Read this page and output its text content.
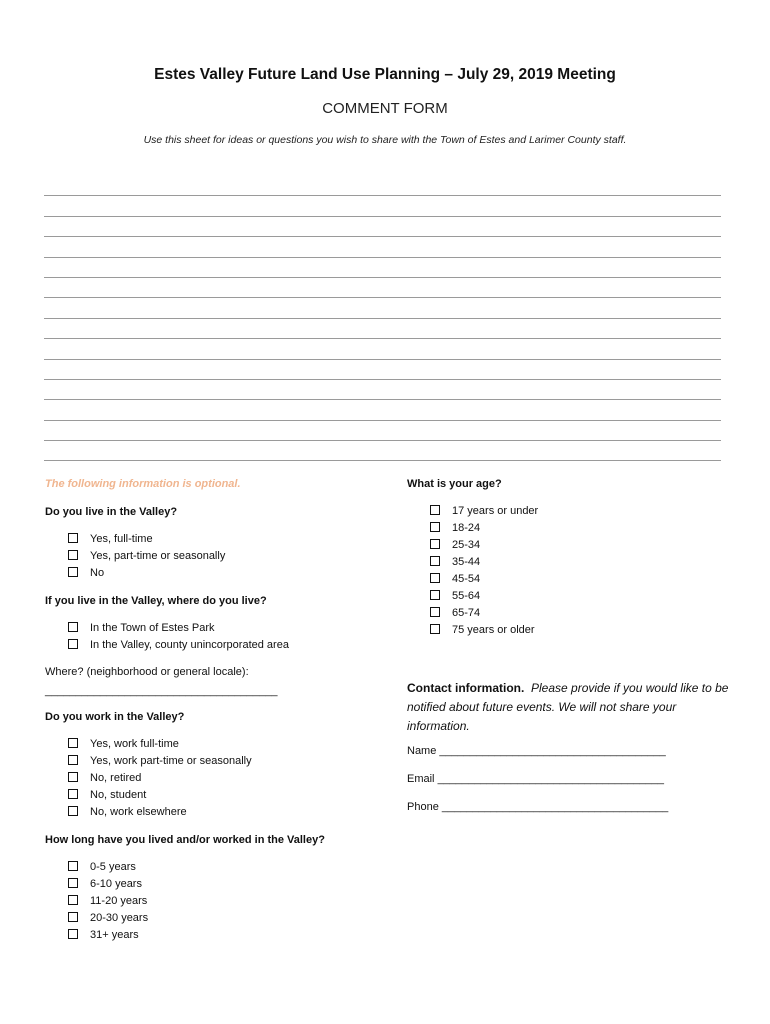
Estes Valley Future Land Use Planning – July 29, 2019 Meeting
COMMENT FORM
Use this sheet for ideas or questions you wish to share with the Town of Estes and Larimer County staff.
The following information is optional.
Do you live in the Valley?
Yes, full-time
Yes, part-time or seasonally
No
If you live in the Valley, where do you live?
In the Town of Estes Park
In the Valley, county unincorporated area
Where? (neighborhood or general locale):
______________________________________
Do you work in the Valley?
Yes, work full-time
Yes, work part-time or seasonally
No, retired
No, student
No, work elsewhere
How long have you lived and/or worked in the Valley?
0-5 years
6-10 years
11-20 years
20-30 years
31+ years
What is your age?
17 years or under
18-24
25-34
35-44
45-54
55-64
65-74
75 years or older
Contact information. Please provide if you would like to be notified about future events. We will not share your information.
Name _____________________________________
Email _____________________________________
Phone _____________________________________
